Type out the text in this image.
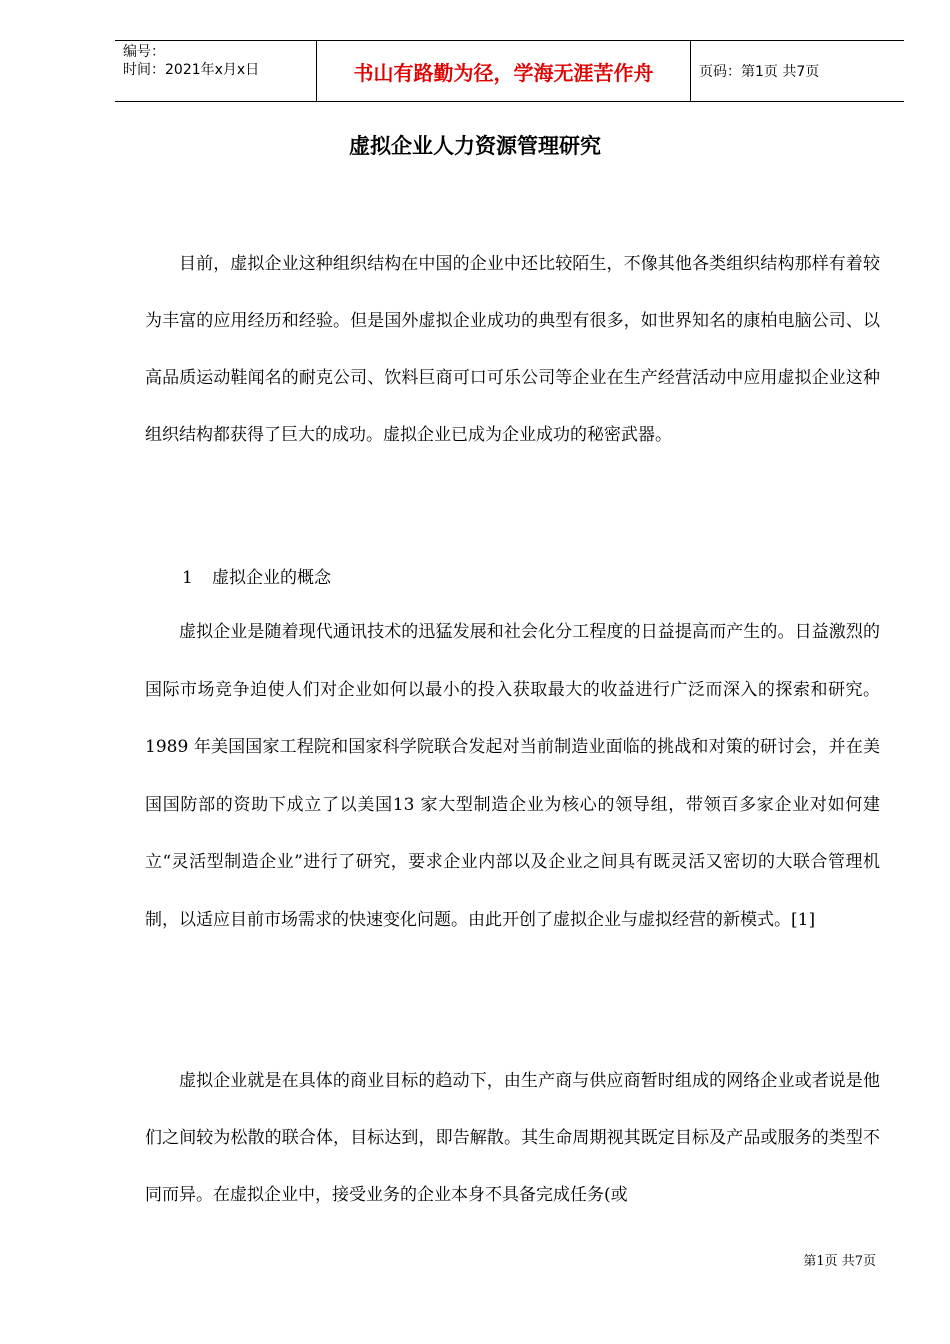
编号：
时间：2021年x月x日	书山有路勤为径，学海无涯苦作舟	页码：第1页 共7页
虚拟企业人力资源管理研究

目前，虚拟企业这种组织结构在中国的企业中还比较陌生，不像其他各类组织结构那样有着较为丰富的应用经历和经验。但是国外虚拟企业成功的典型有很多，如世界知名的康柏电脑公司、以高品质运动鞋闻名的耐克公司、饮料巨商可口可乐公司等企业在生产经营活动中应用虚拟企业这种组织结构都获得了巨大的成功。虚拟企业已成为企业成功的秘密武器。

1 虚拟企业的概念

虚拟企业是随着现代通讯技术的迅猛发展和社会化分工程度的日益提高而产生的。日益激烈的国际市场竞争迫使人们对企业如何以最小的投入获取最大的收益进行广泛而深入的探索和研究。1989 年美国国家工程院和国家科学院联合发起对当前制造业面临的挑战和对策的研讨会，并在美国国防部的资助下成立了以美国13 家大型制造企业为核心的领导组，带领百多家企业对如何建立“灵活型制造企业”进行了研究，要求企业内部以及企业之间具有既灵活又密切的大联合管理机制，以适应目前市场需求的快速变化问题。由此开创了虚拟企业与虚拟经营的新模式。[1]

虚拟企业就是在具体的商业目标的趋动下，由生产商与供应商暂时组成的网络企业或者说是他们之间较为松散的联合体，目标达到，即告解散。其生命周期视其既定目标及产品或服务的类型不同而异。在虚拟企业中，接受业务的企业本身不具备完成任务(或

第1页 共7页
